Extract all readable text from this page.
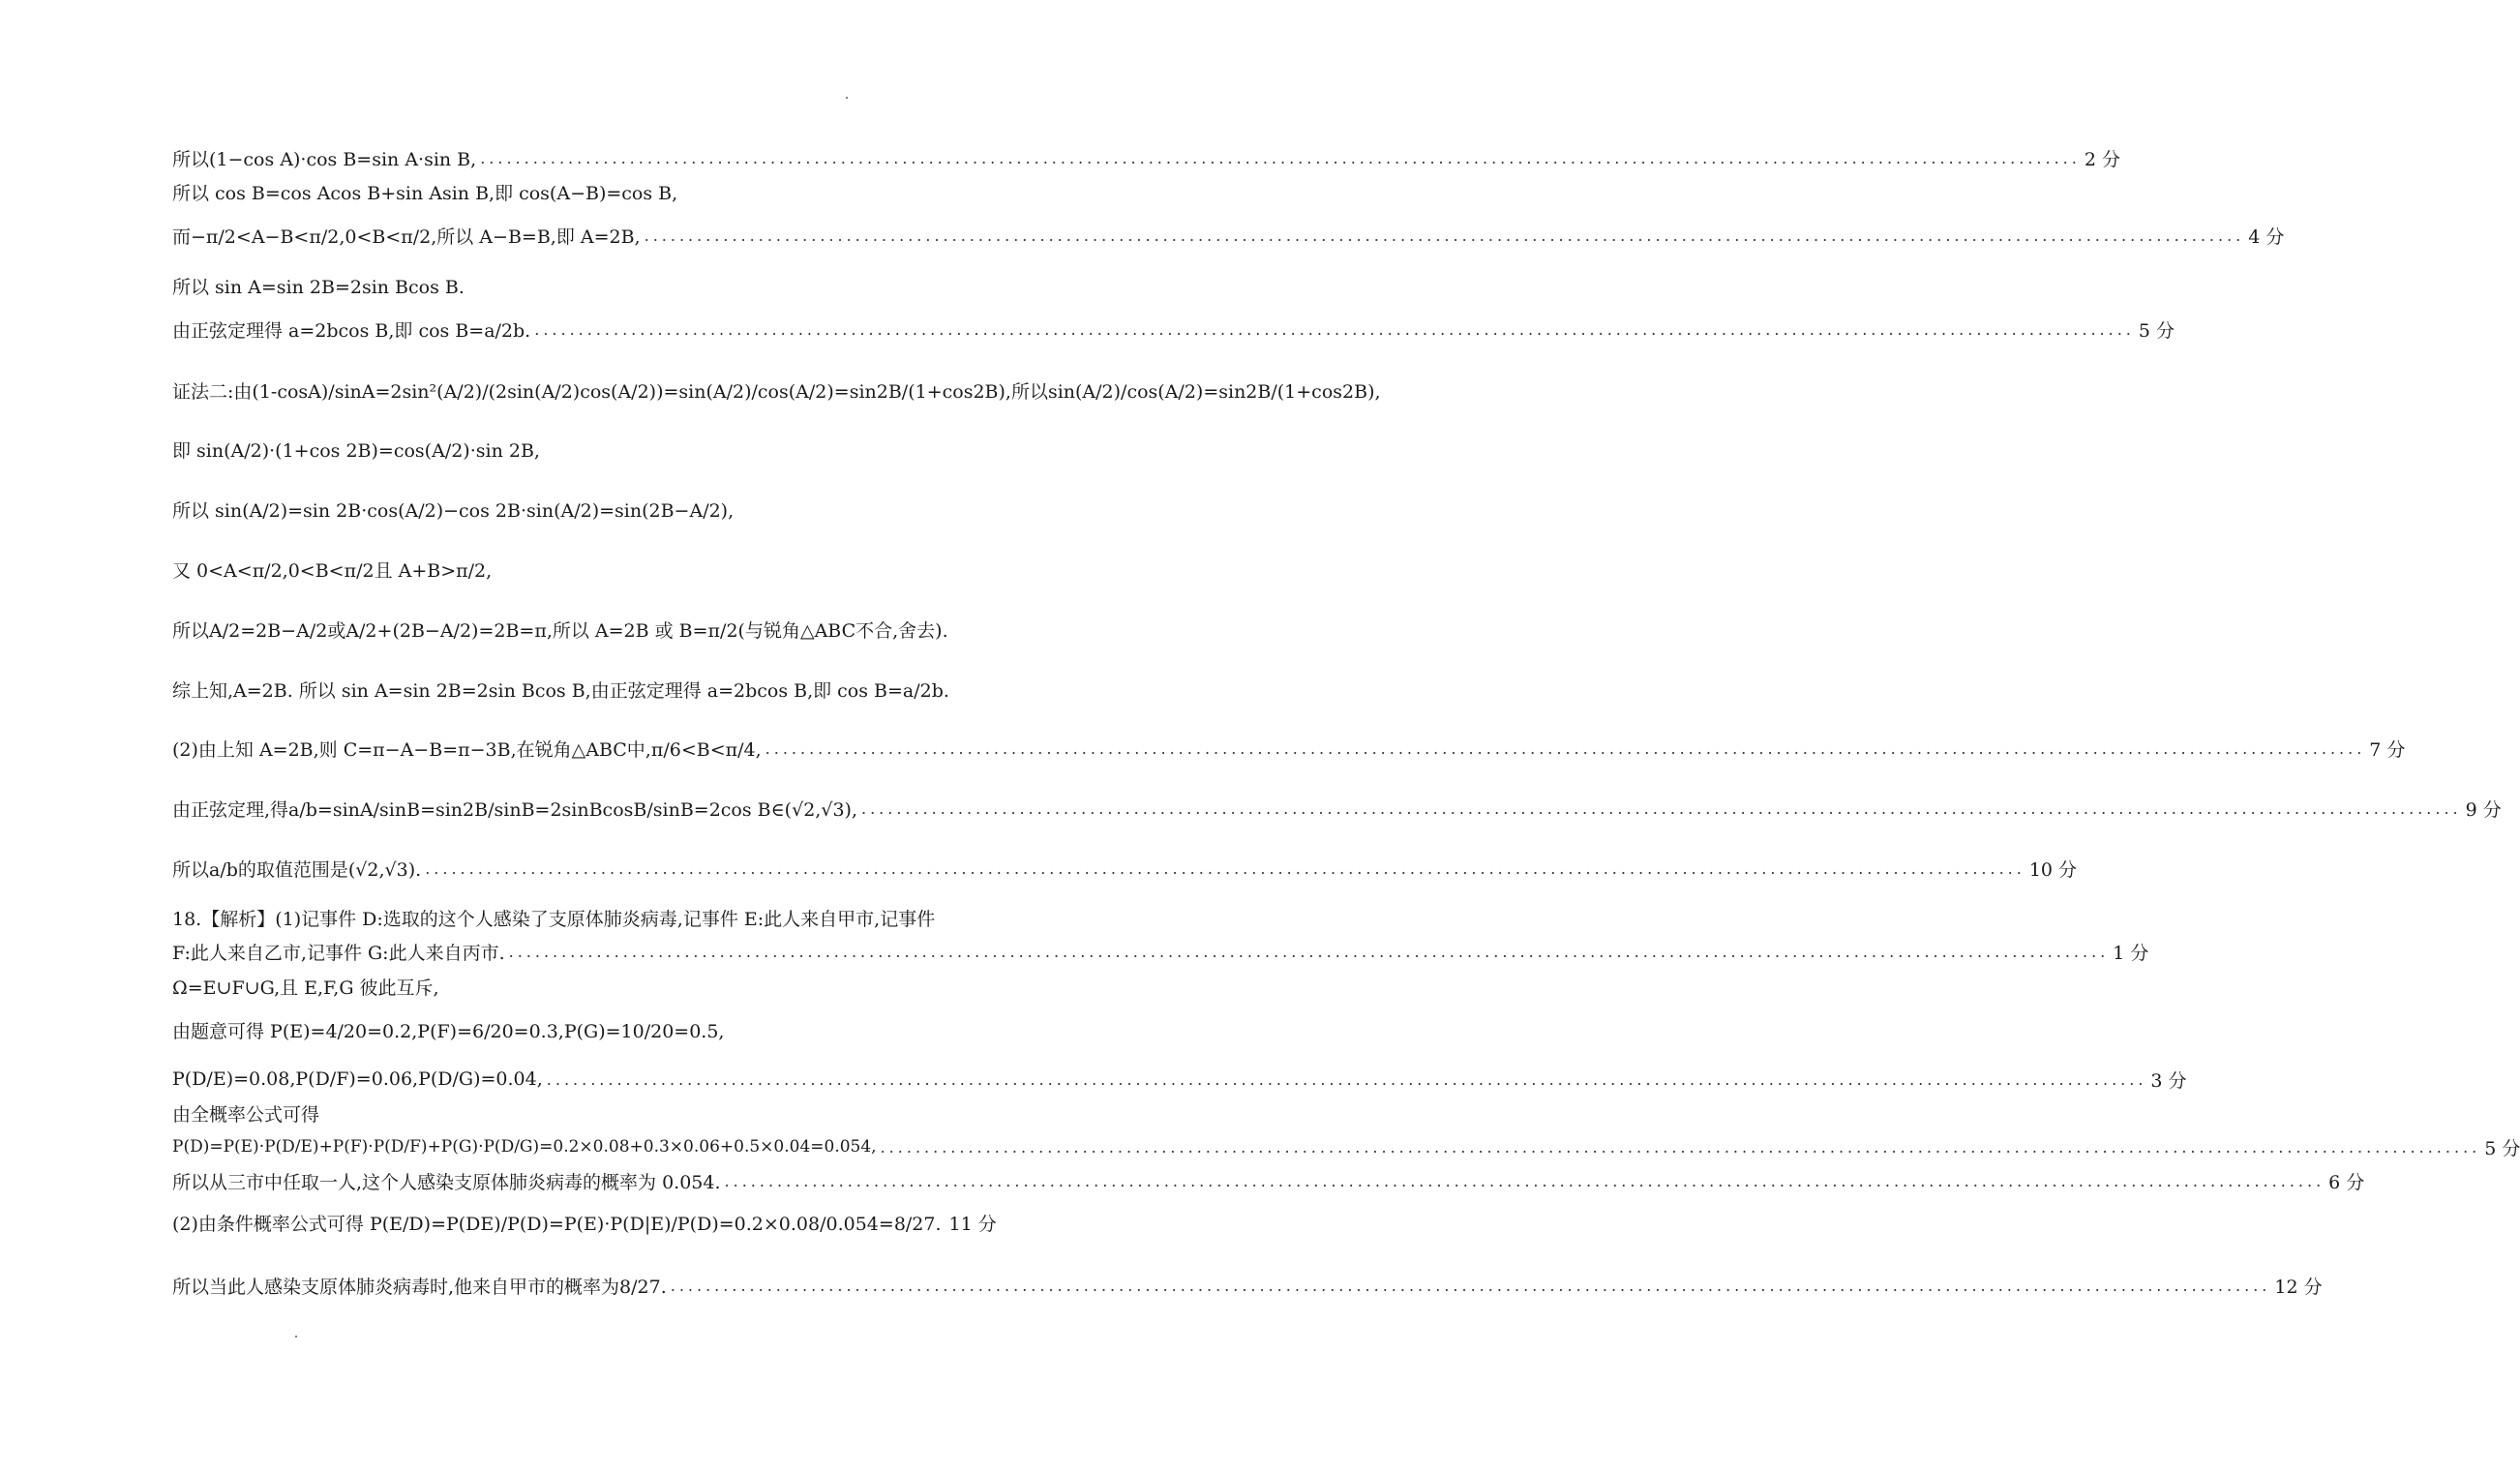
所以(1−cos A)·cos B=sin A·sin B, .....	2 分
所以 cos B=cos Acos B+sin Asin B,即 cos(A−B)=cos B,
而−π/2<A−B<π/2,0<B<π/2,所以 A−B=B,即 A=2B, .....	4 分
所以 sin A=sin 2B=2sin Bcos B.
由正弦定理得 a=2bcos B,即 cos B=a/2b. .....	5 分
证法二:由(1-cosA)/sinA=2sin²(A/2)/(2sin(A/2)cos(A/2))=sin(A/2)/cos(A/2)=sin2B/(1+cos2B),所以sin(A/2)/cos(A/2)=sin2B/(1+cos2B),
即 sin(A/2)·(1+cos 2B)=cos(A/2)·sin 2B,
所以 sin(A/2)=sin 2B·cos(A/2)−cos 2B·sin(A/2)=sin(2B−A/2),
又 0<A<π/2,0<B<π/2且 A+B>π/2,
所以A/2=2B−A/2或A/2+(2B−A/2)=2B=π,所以 A=2B 或 B=π/2(与锐角△ABC不合,舍去).
综上知,A=2B. 所以 sin A=sin 2B=2sin Bcos B,由正弦定理得 a=2bcos B,即 cos B=a/2b.
(2)由上知 A=2B,则 C=π−A−B=π−3B,在锐角△ABC中,π/6<B<π/4, .....	7 分
由正弦定理,得a/b=sinA/sinB=sin2B/sinB=2sinBcosB/sinB=2cos B∈(√2,√3), .....	9 分
所以a/b的取值范围是(√2,√3). .....	10 分
18.【解析】(1)记事件 D:选取的这个人感染了支原体肺炎病毒,记事件 E:此人来自甲市,记事件
F:此人来自乙市,记事件 G:此人来自丙市. .....	1 分
Ω=E∪F∪G,且 E,F,G 彼此互斥,
由题意可得 P(E)=4/20=0.2,P(F)=6/20=0.3,P(G)=10/20=0.5,
P(D/E)=0.08,P(D/F)=0.06,P(D/G)=0.04, .....	3 分
由全概率公式可得
P(D)=P(E)·P(D/E)+P(F)·P(D/F)+P(G)·P(D/G)=0.2×0.08+0.3×0.06+0.5×0.04=0.054, .....	5 分
所以从三市中任取一人,这个人感染支原体肺炎病毒的概率为 0.054. .....	6 分
(2)由条件概率公式可得 P(E/D)=P(DE)/P(D)=P(E)·P(D|E)/P(D)=0.2×0.08/0.054=8/27. 11 分
所以当此人感染支原体肺炎病毒时,他来自甲市的概率为8/27. .....	12 分
